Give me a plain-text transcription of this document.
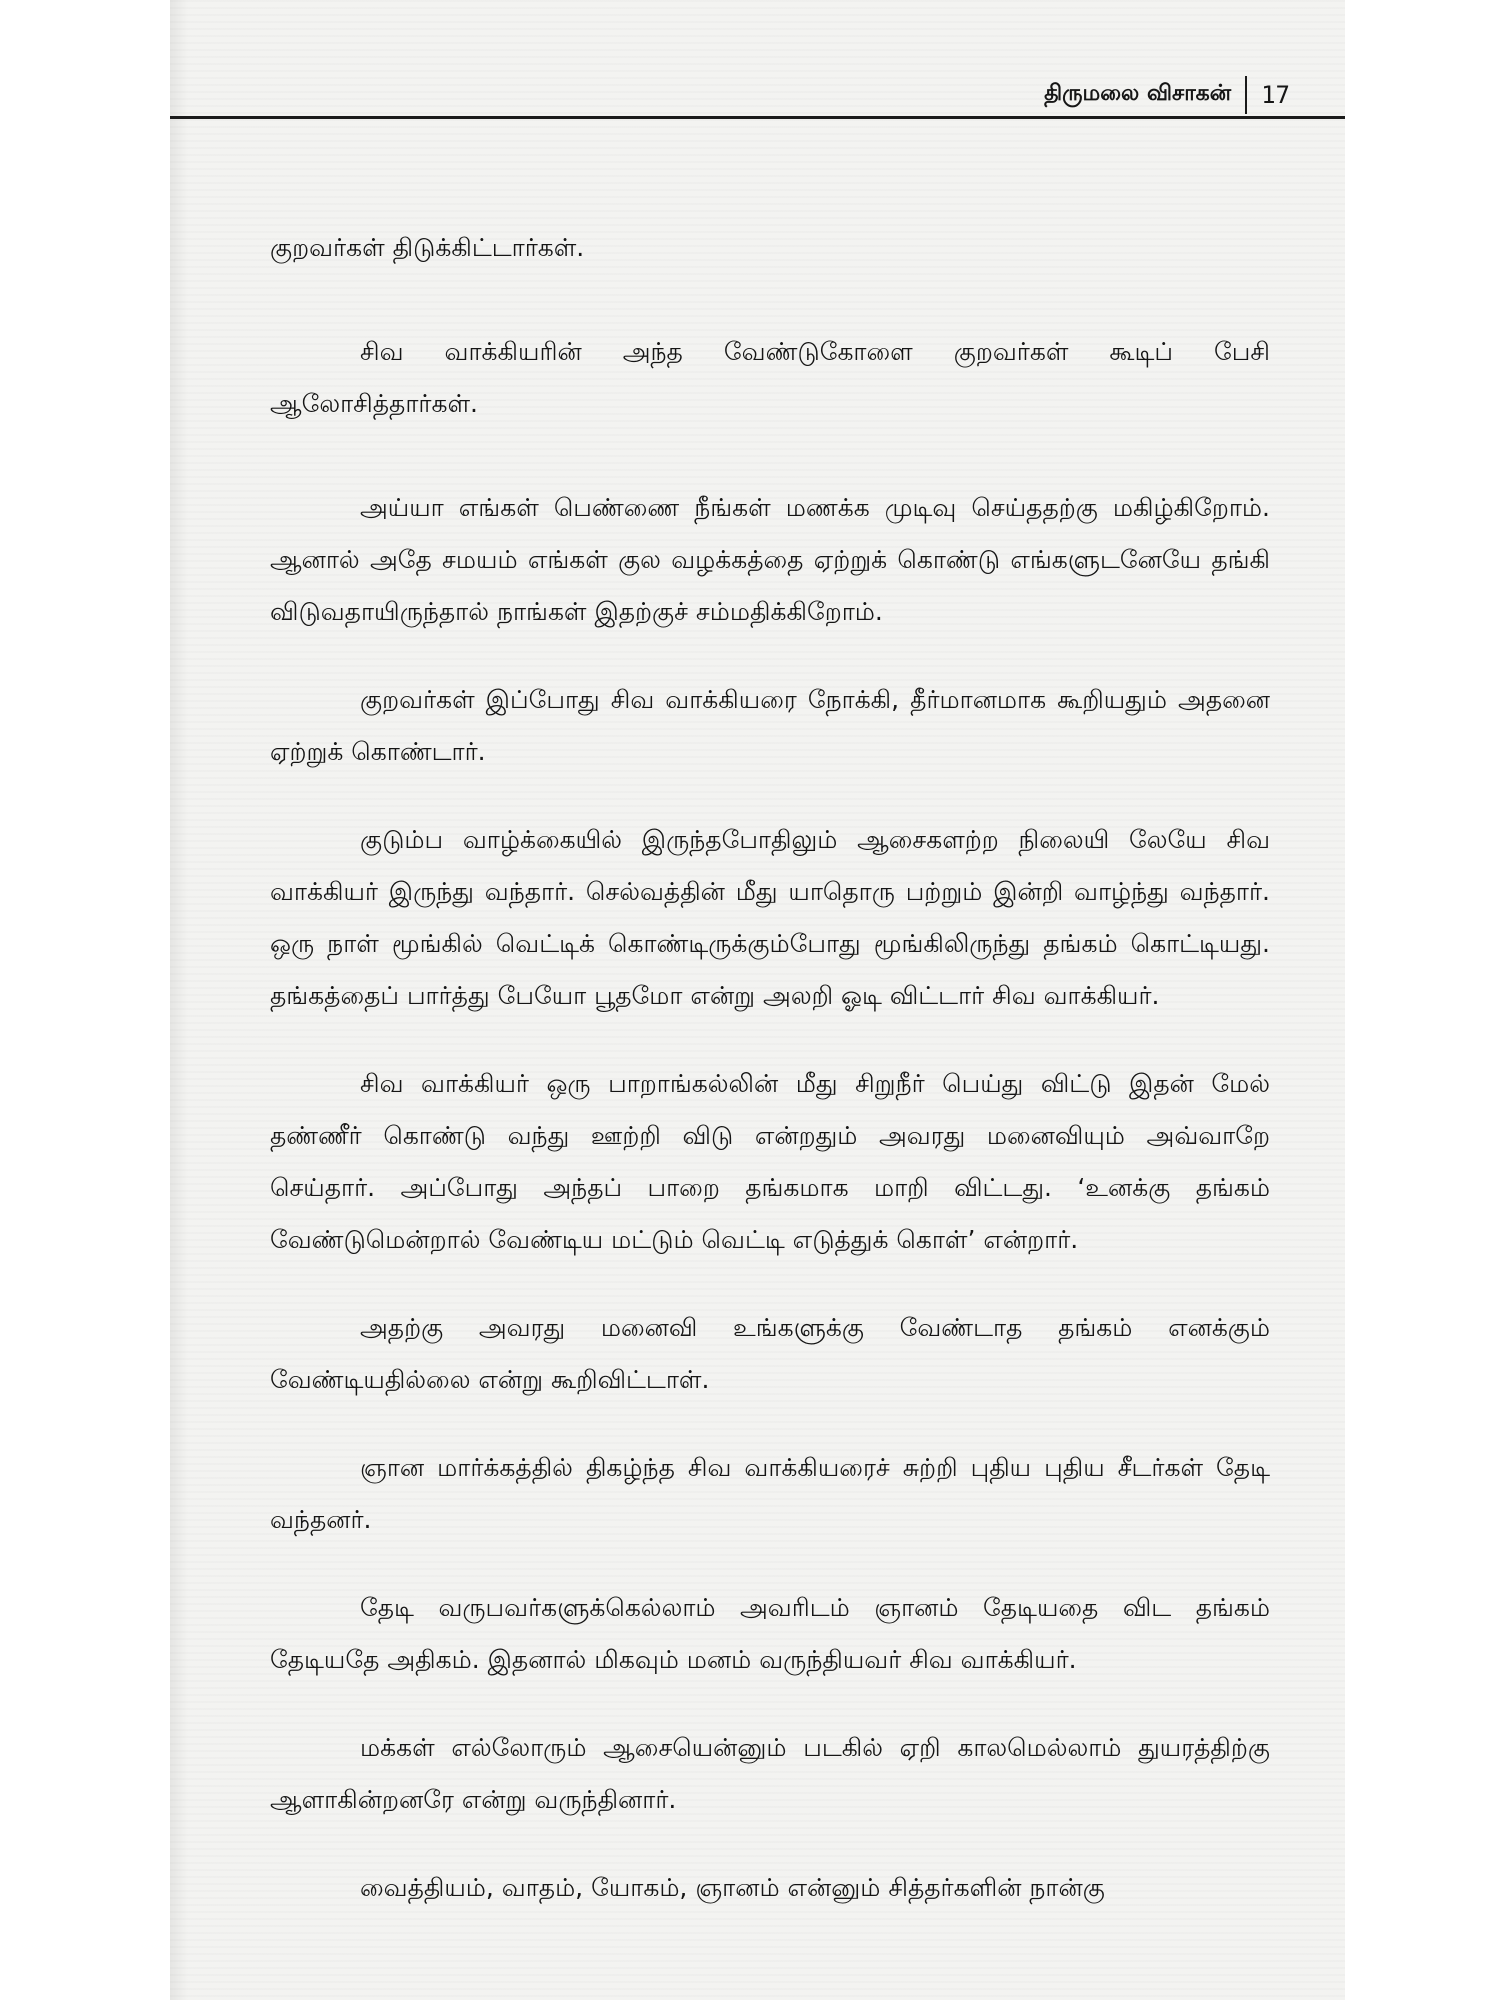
திருமலை விசாகன் 17

குறவர்கள் திடுக்கிட்டார்கள்.

சிவ வாக்கியரின் அந்த வேண்டுகோளை குறவர்கள் கூடிப் பேசி ஆலோசித்தார்கள்.

அய்யா எங்கள் பெண்ணை நீங்கள் மணக்க முடிவு செய்ததற்கு மகிழ்கிறோம். ஆனால் அதே சமயம் எங்கள் குல வழக்கத்தை ஏற்றுக் கொண்டு எங்களுடனேயே தங்கி விடுவதாயிருந்தால் நாங்கள் இதற்குச் சம்மதிக்கிறோம்.

குறவர்கள் இப்போது சிவ வாக்கியரை நோக்கி, தீர்மானமாக கூறியதும் அதனை ஏற்றுக் கொண்டார்.

குடும்ப வாழ்க்கையில் இருந்தபோதிலும் ஆசைகளற்ற நிலையி லேயே சிவ வாக்கியர் இருந்து வந்தார். செல்வத்தின் மீது யாதொரு பற்றும் இன்றி வாழ்ந்து வந்தார். ஒரு நாள் மூங்கில் வெட்டிக் கொண்டிருக்கும்போது மூங்கிலிருந்து தங்கம் கொட்டியது. தங்கத்தைப் பார்த்து பேயோ பூதமோ என்று அலறி ஓடி விட்டார் சிவ வாக்கியர்.

சிவ வாக்கியர் ஒரு பாறாங்கல்லின் மீது சிறுநீர் பெய்து விட்டு இதன் மேல் தண்ணீர் கொண்டு வந்து ஊற்றி விடு என்றதும் அவரது மனைவியும் அவ்வாறே செய்தார். அப்போது அந்தப் பாறை தங்கமாக மாறி விட்டது. ‘உனக்கு தங்கம் வேண்டுமென்றால் வேண்டிய மட்டும் வெட்டி எடுத்துக் கொள்’ என்றார்.

அதற்கு அவரது மனைவி உங்களுக்கு வேண்டாத தங்கம் எனக்கும் வேண்டியதில்லை என்று கூறிவிட்டாள்.

ஞான மார்க்கத்தில் திகழ்ந்த சிவ வாக்கியரைச் சுற்றி புதிய புதிய சீடர்கள் தேடி வந்தனர்.

தேடி வருபவர்களுக்கெல்லாம் அவரிடம் ஞானம் தேடியதை விட தங்கம் தேடியதே அதிகம். இதனால் மிகவும் மனம் வருந்தியவர் சிவ வாக்கியர்.

மக்கள் எல்லோரும் ஆசையென்னும் படகில் ஏறி காலமெல்லாம் துயரத்திற்கு ஆளாகின்றனரே என்று வருந்தினார்.

வைத்தியம், வாதம், யோகம், ஞானம் என்னும் சித்தர்களின் நான்கு
